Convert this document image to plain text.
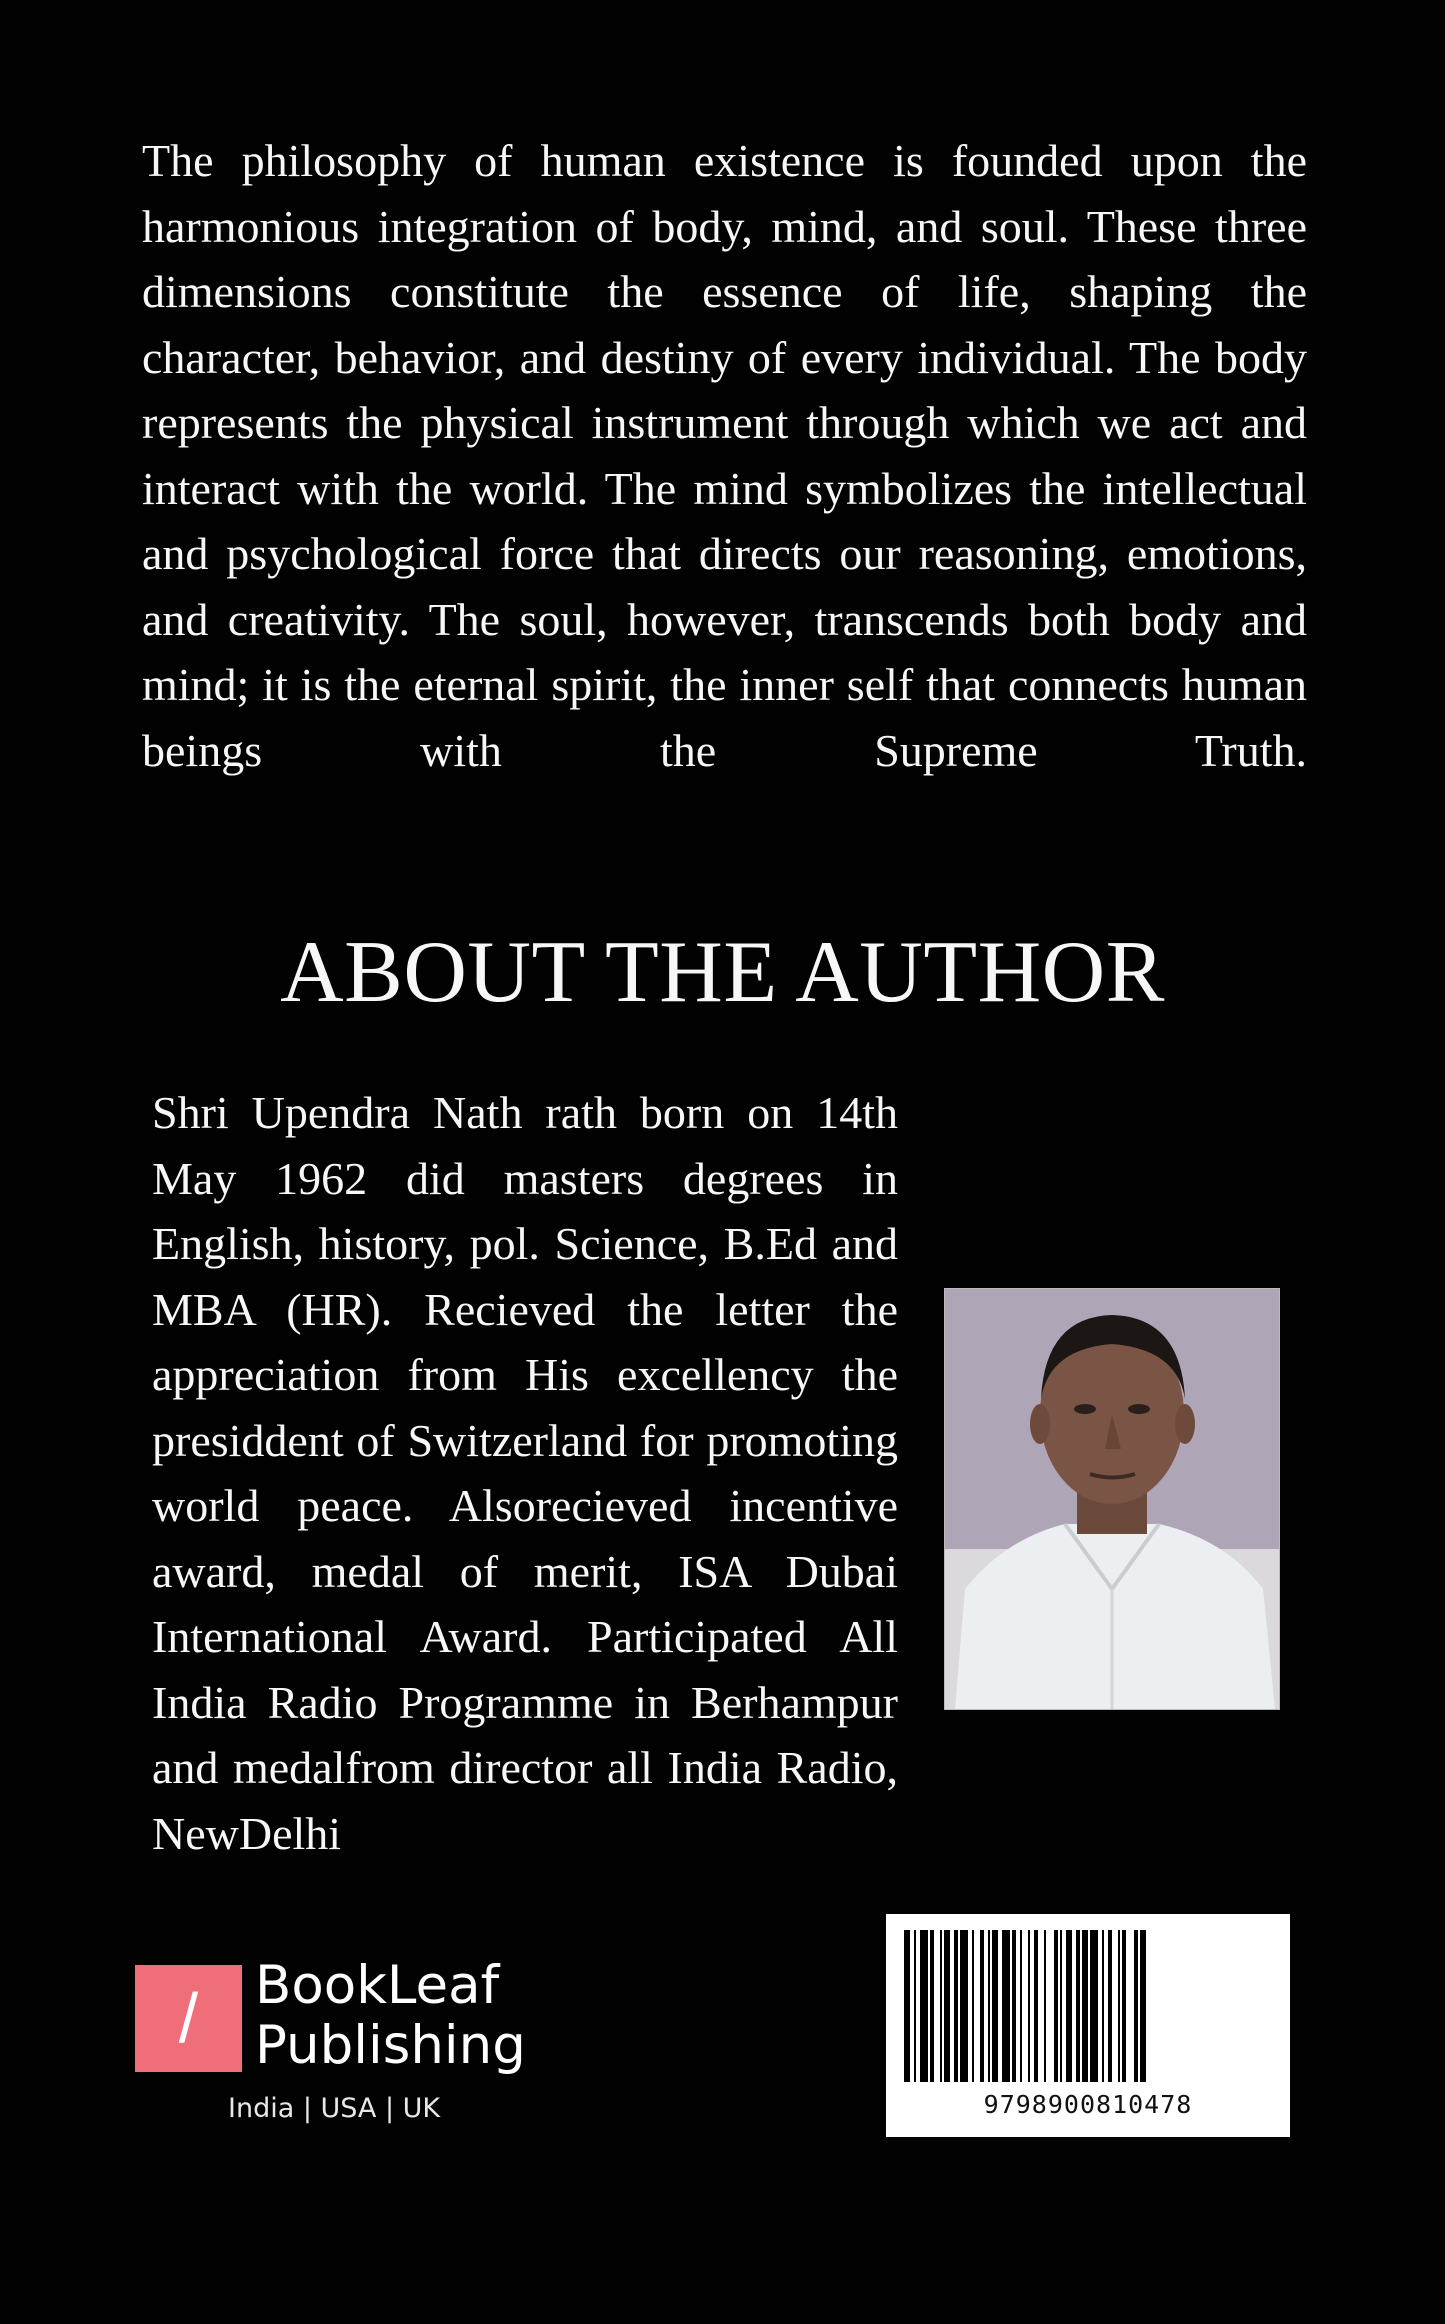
The philosophy of human existence is founded upon the harmonious integration of body, mind, and soul. These three dimensions constitute the essence of life, shaping the character, behavior, and destiny of every individual. The body represents the physical instrument through which we act and interact with the world. The mind symbolizes the intellectual and psychological force that directs our reasoning, emotions, and creativity. The soul, however, transcends both body and mind; it is the eternal spirit, the inner self that connects human beings with the Supreme Truth.

ABOUT THE AUTHOR

Shri Upendra Nath rath born on 14th May 1962 did masters degrees in English, history, pol. Science, B.Ed and MBA (HR). Recieved the letter the appreciation from His excellency the presiddent of Switzerland for promoting world peace. Alsorecieved incentive award, medal of merit, ISA Dubai International Award. Participated All India Radio Programme in Berhampur and medalfrom director all India Radio, NewDelhi

/	BookLeaf
Publishing
India | USA | UK	9798900810478
